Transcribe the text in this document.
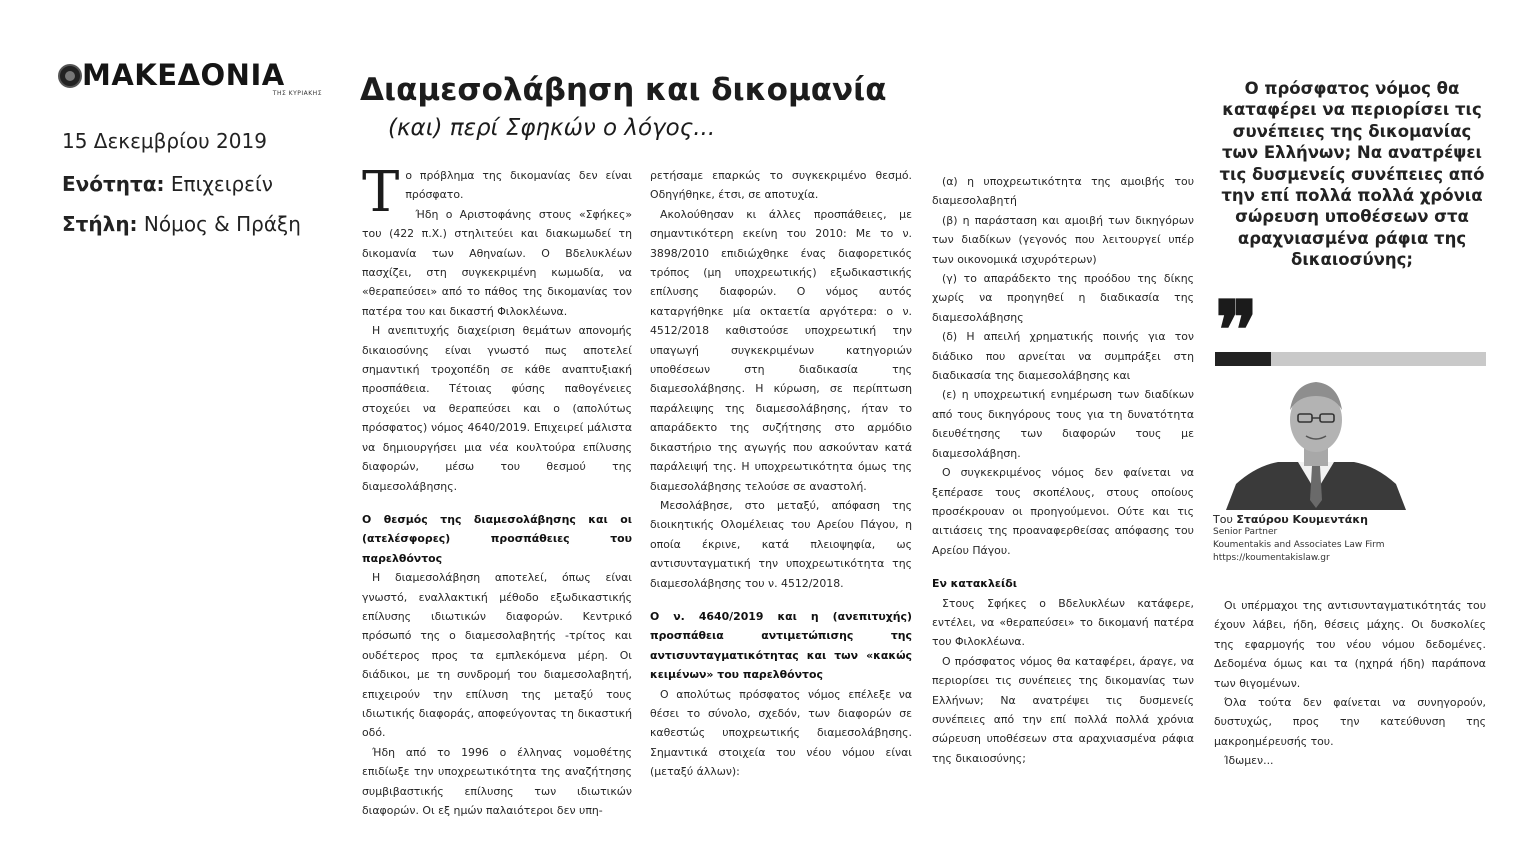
ΜΑΚΕΔΟΝΙΑ
ΤΗΣ ΚΥΡΙΑΚΗΣ
15 Δεκεμβρίου 2019
Ενότητα: Επιχειρείν
Στήλη: Νόμος & Πράξη
Διαμεσολάβηση και δικομανία
(και) περί Σφηκών ο λόγος...
Τ ο πρόβλημα της δικομανίας δεν είναι πρόσφατο.

Ήδη ο Αριστοφάνης στους «Σφήκες» του (422 π.Χ.) στηλιτεύει και διακωμωδεί τη δικομανία των Αθηναίων. Ο Βδελυκλέων πασχίζει, στη συγκεκριμένη κωμωδία, να «θεραπεύσει» από το πάθος της δικομανίας τον πατέρα του και δικαστή Φιλοκλέωνα.

Η ανεπιτυχής διαχείριση θεμάτων απονομής δικαιοσύνης είναι γνωστό πως αποτελεί σημαντική τροχοπέδη σε κάθε αναπτυξιακή προσπάθεια. Τέτοιας φύσης παθογένειες στοχεύει να θεραπεύσει και ο (απολύτως πρόσφατος) νόμος 4640/2019. Επιχειρεί μάλιστα να δημιουργήσει μια νέα κουλτούρα επίλυσης διαφορών, μέσω του θεσμού της διαμεσολάβησης.

Ο θεσμός της διαμεσολάβησης και οι (ατελέσφορες) προσπάθειες του παρελθόντος

Η διαμεσολάβηση αποτελεί, όπως είναι γνωστό, εναλλακτική μέθοδο εξωδικαστικής επίλυσης ιδιωτικών διαφορών. Κεντρικό πρόσωπό της ο διαμεσολαβητής -τρίτος και ουδέτερος προς τα εμπλεκόμενα μέρη. Οι διάδικοι, με τη συνδρομή του διαμεσολαβητή, επιχειρούν την επίλυση της μεταξύ τους ιδιωτικής διαφοράς, αποφεύγοντας τη δικαστική οδό.

Ήδη από το 1996 ο έλληνας νομοθέτης επιδίωξε την υποχρεωτικότητα της αναζήτησης συμβιβαστικής επίλυσης των ιδιωτικών διαφορών. Οι εξ ημών παλαιότεροι δεν υπη-

ρετήσαμε επαρκώς το συγκεκριμένο θεσμό. Οδηγήθηκε, έτσι, σε αποτυχία.

Ακολούθησαν κι άλλες προσπάθειες, με σημαντικότερη εκείνη του 2010: Με το ν. 3898/2010 επιδιώχθηκε ένας διαφορετικός τρόπος (μη υποχρεωτικής) εξωδικαστικής επίλυσης διαφορών. Ο νόμος αυτός καταργήθηκε μία οκταετία αργότερα: ο ν. 4512/2018 καθιστούσε υποχρεωτική την υπαγωγή συγκεκριμένων κατηγοριών υποθέσεων στη διαδικασία της διαμεσολάβησης. Η κύρωση, σε περίπτωση παράλειψης της διαμεσολάβησης, ήταν το απαράδεκτο της συζήτησης στο αρμόδιο δικαστήριο της αγωγής που ασκούνταν κατά παράλειψή της. Η υποχρεωτικότητα όμως της διαμεσολάβησης τελούσε σε αναστολή.

Μεσολάβησε, στο μεταξύ, απόφαση της διοικητικής Ολομέλειας του Αρείου Πάγου, η οποία έκρινε, κατά πλειοψηφία, ως αντισυνταγματική την υποχρεωτικότητα της διαμεσολάβησης του ν. 4512/2018.

Ο ν. 4640/2019 και η (ανεπιτυχής) προσπάθεια αντιμετώπισης της αντισυνταγματικότητας και των «κακώς κειμένων» του παρελθόντος

Ο απολύτως πρόσφατος νόμος επέλεξε να θέσει το σύνολο, σχεδόν, των διαφορών σε καθεστώς υποχρεωτικής διαμεσολάβησης. Σημαντικά στοιχεία του νέου νόμου είναι (μεταξύ άλλων):

(α) η υποχρεωτικότητα της αμοιβής του διαμεσολαβητή

(β) η παράσταση και αμοιβή των δικηγόρων των διαδίκων (γεγονός που λειτουργεί υπέρ των οικονομικά ισχυρότερων)

(γ) το απαράδεκτο της προόδου της δίκης χωρίς να προηγηθεί η διαδικασία της διαμεσολάβησης

(δ) Η απειλή χρηματικής ποινής για τον διάδικο που αρνείται να συμπράξει στη διαδικασία της διαμεσολάβησης και

(ε) η υποχρεωτική ενημέρωση των διαδίκων από τους δικηγόρους τους για τη δυνατότητα διευθέτησης των διαφορών τους με διαμεσολάβηση.

Ο συγκεκριμένος νόμος δεν φαίνεται να ξεπέρασε τους σκοπέλους, στους οποίους προσέκρουαν οι προηγούμενοι. Ούτε και τις αιτιάσεις της προαναφερθείσας απόφασης του Αρείου Πάγου.

Εν κατακλείδι

Στους Σφήκες ο Βδελυκλέων κατάφερε, εντέλει, να «θεραπεύσει» το δικομανή πατέρα του Φιλοκλέωνα.

Ο πρόσφατος νόμος θα καταφέρει, άραγε, να περιορίσει τις συνέπειες της δικομανίας των Ελλήνων; Να ανατρέψει τις δυσμενείς συνέπειες από την επί πολλά πολλά χρόνια σώρευση υποθέσεων στα αραχνιασμένα ράφια της δικαιοσύνης;

Ο πρόσφατος νόμος θα καταφέρει να περιορίσει τις συνέπειες της δικομανίας των Ελλήνων; Να ανατρέψει τις δυσμενείς συνέπειες από την επί πολλά πολλά χρόνια σώρευση υποθέσεων στα αραχνιασμένα ράφια της δικαιοσύνης;
❞
Του Σταύρου Κουμεντάκη
Senior Partner
Koumentakis and Associates Law Firm
https://koumentakislaw.gr

Οι υπέρμαχοι της αντισυνταγματικότητάς του έχουν λάβει, ήδη, θέσεις μάχης. Οι δυσκολίες της εφαρμογής του νέου νόμου δεδομένες. Δεδομένα όμως και τα (ηχηρά ήδη) παράπονα των θιγομένων.

Όλα τούτα δεν φαίνεται να συνηγορούν, δυστυχώς, προς την κατεύθυνση της μακροημέρευσής του.

Ίδωμεν...
